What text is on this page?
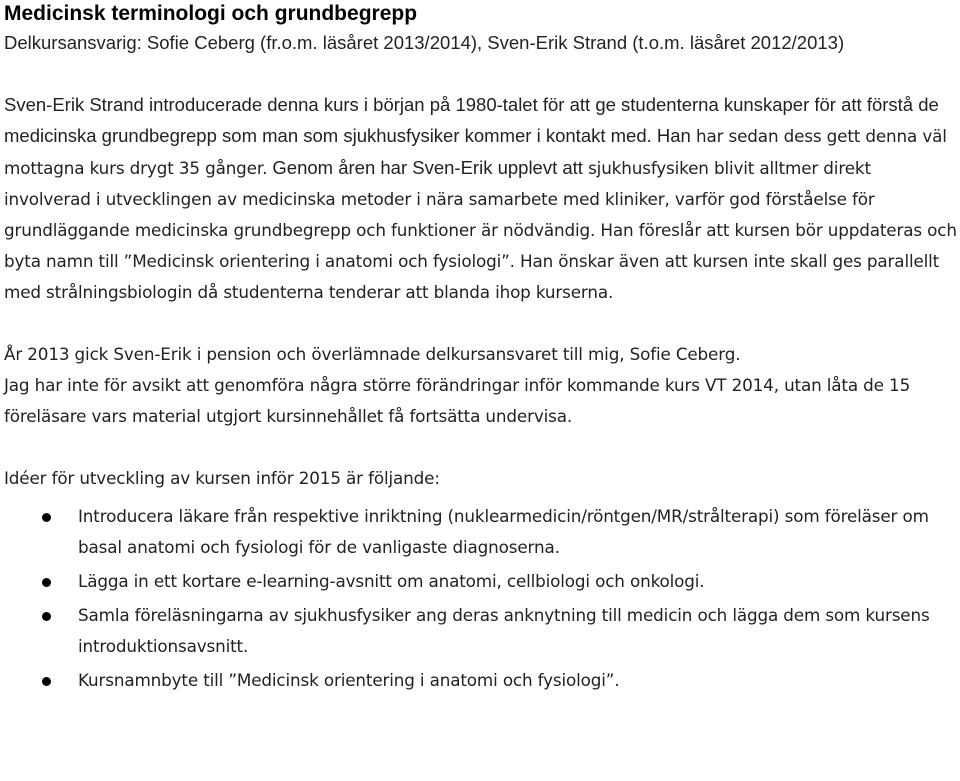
Medicinsk terminologi och grundbegrepp

Delkursansvarig: Sofie Ceberg (fr.o.m. läsåret 2013/2014), Sven-Erik Strand (t.o.m. läsåret 2012/2013)

Sven-Erik Strand introducerade denna kurs i början på 1980-talet för att ge studenterna kunskaper för att förstå de medicinska grundbegrepp som man som sjukhusfysiker kommer i kontakt med. Han har sedan dess gett denna väl mottagna kurs drygt 35 gånger. Genom åren har Sven-Erik upplevt att sjukhusfysiken blivit alltmer direkt involverad i utvecklingen av medicinska metoder i nära samarbete med kliniker, varför god förståelse för grundläggande medicinska grundbegrepp och funktioner är nödvändig. Han föreslår att kursen bör uppdateras och byta namn till ”Medicinsk orientering i anatomi och fysiologi”. Han önskar även att kursen inte skall ges parallellt med strålningsbiologin då studenterna tenderar att blanda ihop kurserna.

År 2013 gick Sven-Erik i pension och överlämnade delkursansvaret till mig, Sofie Ceberg.
Jag har inte för avsikt att genomföra några större förändringar inför kommande kurs VT 2014, utan låta de 15 föreläsare vars material utgjort kursinnehållet få fortsätta undervisa.

Idéer för utveckling av kursen inför 2015 är följande:

Introducera läkare från respektive inriktning (nuklearmedicin/röntgen/MR/strålterapi) som föreläser om basal anatomi och fysiologi för de vanligaste diagnoserna.
Lägga in ett kortare e-learning-avsnitt om anatomi, cellbiologi och onkologi.
Samla föreläsningarna av sjukhusfysiker ang deras anknytning till medicin och lägga dem som kursens introduktionsavsnitt.
Kursnamnbyte till ”Medicinsk orientering i anatomi och fysiologi”.
